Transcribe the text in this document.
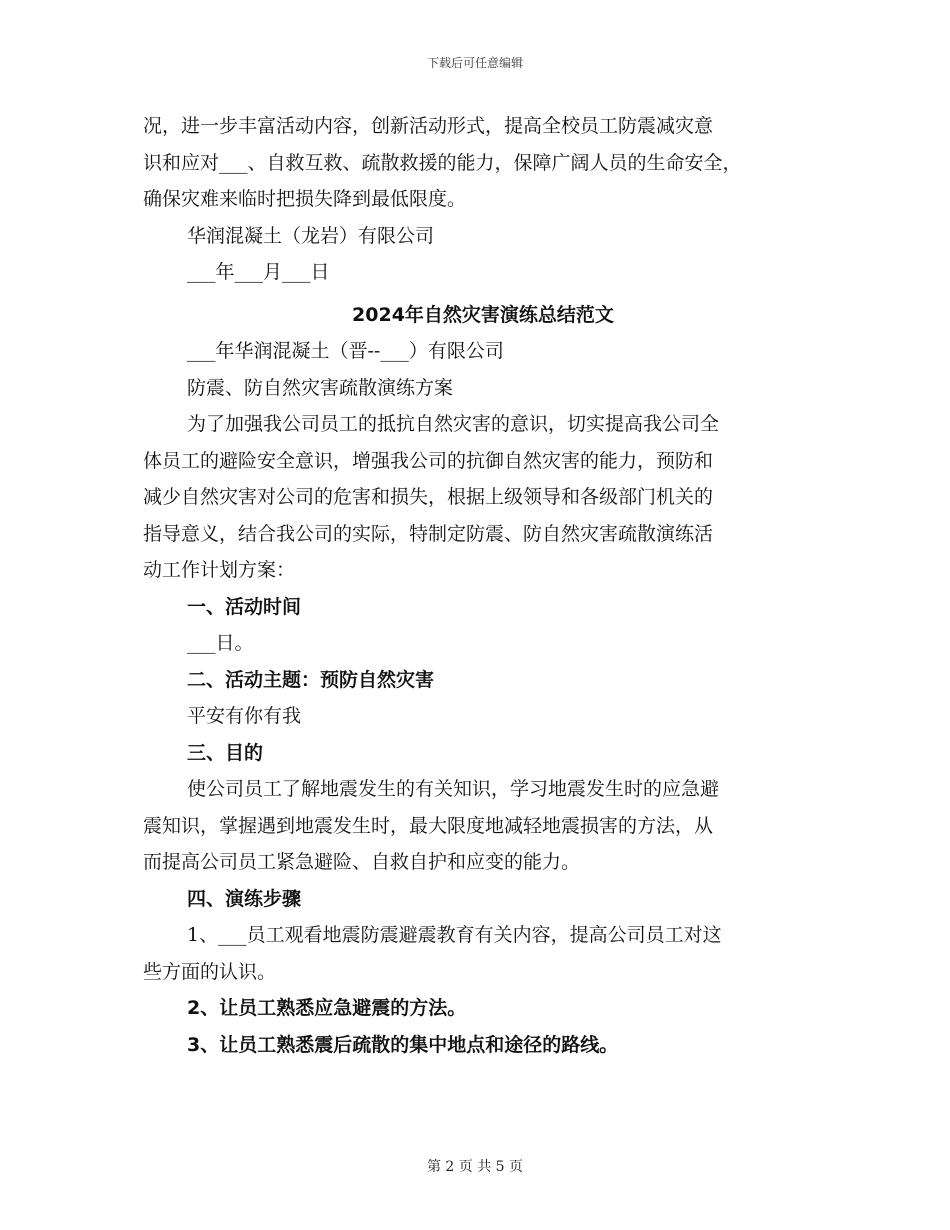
下载后可任意编辑
况，进一步丰富活动内容，创新活动形式，提高全校员工防震减灾意
识和应对___、自救互救、疏散救援的能力，保障广阔人员的生命安全，
确保灾难来临时把损失降到最低限度。
华润混凝土（龙岩）有限公司
___年___月___日
2024年自然灾害演练总结范文
___年华润混凝土（晋--___）有限公司
防震、防自然灾害疏散演练方案
为了加强我公司员工的抵抗自然灾害的意识，切实提高我公司全
体员工的避险安全意识，增强我公司的抗御自然灾害的能力，预防和
减少自然灾害对公司的危害和损失，根据上级领导和各级部门机关的
指导意义，结合我公司的实际，特制定防震、防自然灾害疏散演练活
动工作计划方案：
一、活动时间
___日。
二、活动主题：预防自然灾害
平安有你有我
三、目的
使公司员工了解地震发生的有关知识，学习地震发生时的应急避
震知识，掌握遇到地震发生时，最大限度地减轻地震损害的方法，从
而提高公司员工紧急避险、自救自护和应变的能力。
四、演练步骤
1、___员工观看地震防震避震教育有关内容，提高公司员工对这
些方面的认识。
2、让员工熟悉应急避震的方法。
3、让员工熟悉震后疏散的集中地点和途径的路线。
第 2 页 共 5 页
